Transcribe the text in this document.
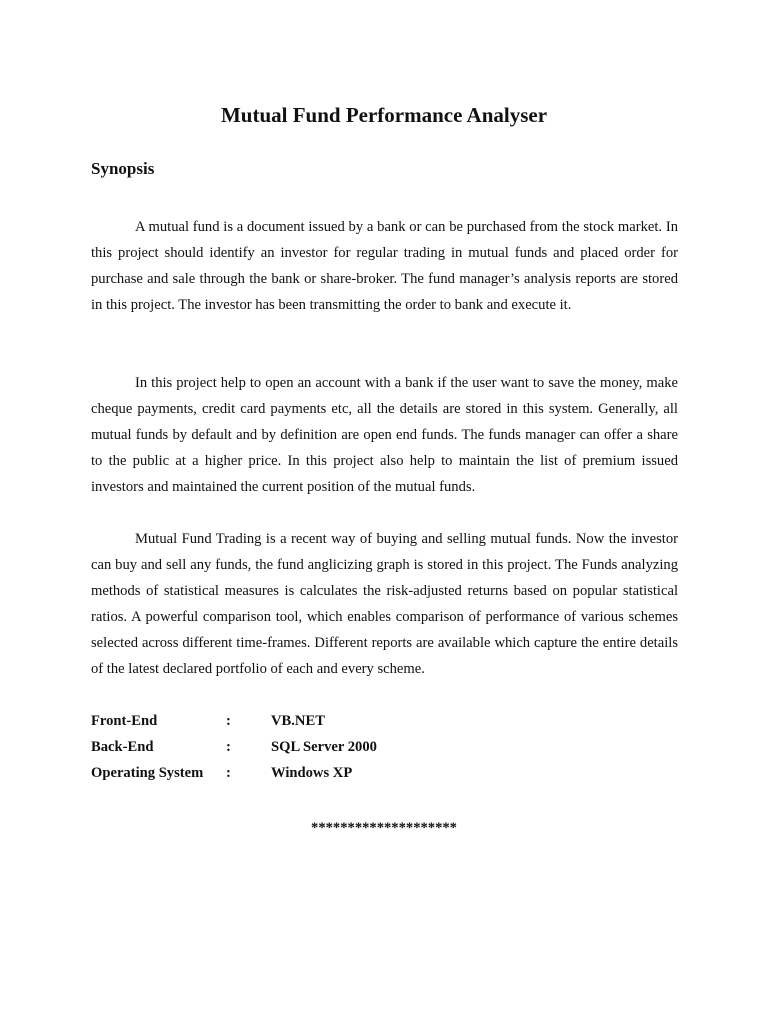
Mutual Fund Performance Analyser
Synopsis

A mutual fund is a document issued by a bank or can be purchased from the stock market. In this project should identify an investor for regular trading in mutual funds and placed order for purchase and sale through the bank or share-broker. The fund manager’s analysis reports are stored in this project. The investor has been transmitting the order to bank and execute it.

In this project help to open an account with a bank if the user want to save the money, make cheque payments, credit card payments etc, all the details are stored in this system. Generally, all mutual funds by default and by definition are open end funds. The funds manager can offer a share to the public at a higher price. In this project also help to maintain the list of premium issued investors and maintained the current position of the mutual funds.

Mutual Fund Trading is a recent way of buying and selling mutual funds. Now the investor can buy and sell any funds, the fund anglicizing graph is stored in this project. The Funds analyzing methods of statistical measures is calculates the risk-adjusted returns based on popular statistical ratios. A powerful comparison tool, which enables comparison of performance of various schemes selected across different time-frames. Different reports are available which capture the entire details of the latest declared portfolio of each and every scheme.

Front-End	:	VB.NET
Back-End	:	SQL Server 2000
Operating System :	Windows XP
********************
